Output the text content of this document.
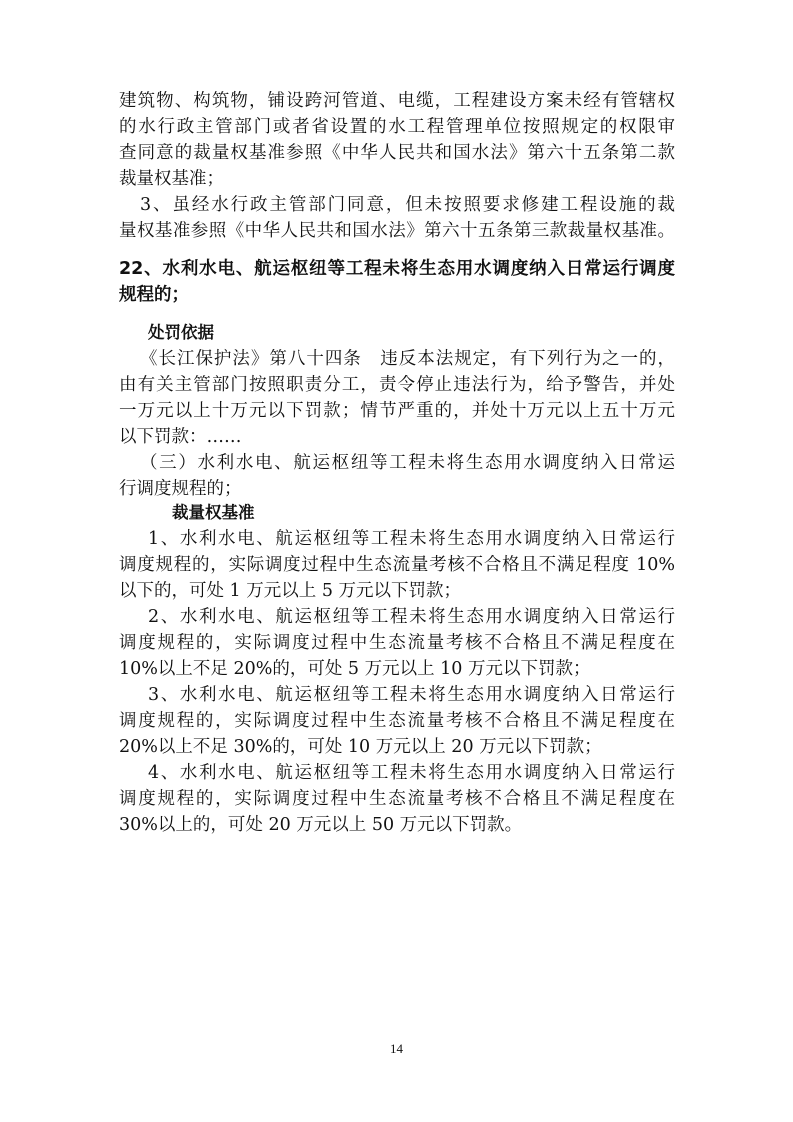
建筑物、构筑物，铺设跨河管道、电缆，工程建设方案未经有管辖权
的水行政主管部门或者省设置的水工程管理单位按照规定的权限审
查同意的裁量权基准参照《中华人民共和国水法》第六十五条第二款
裁量权基准；
3、虽经水行政主管部门同意，但未按照要求修建工程设施的裁
量权基准参照《中华人民共和国水法》第六十五条第三款裁量权基准。
22、水利水电、航运枢纽等工程未将生态用水调度纳入日常运行调度
规程的；
处罚依据
《长江保护法》第八十四条　违反本法规定，有下列行为之一的，
由有关主管部门按照职责分工，责令停止违法行为，给予警告，并处
一万元以上十万元以下罚款；情节严重的，并处十万元以上五十万元
以下罚款：……
（三）水利水电、航运枢纽等工程未将生态用水调度纳入日常运
行调度规程的；
裁量权基准
1、水利水电、航运枢纽等工程未将生态用水调度纳入日常运行
调度规程的，实际调度过程中生态流量考核不合格且不满足程度 10%
以下的，可处 1 万元以上 5 万元以下罚款；
2、水利水电、航运枢纽等工程未将生态用水调度纳入日常运行
调度规程的，实际调度过程中生态流量考核不合格且不满足程度在
10%以上不足 20%的，可处 5 万元以上 10 万元以下罚款；
3、水利水电、航运枢纽等工程未将生态用水调度纳入日常运行
调度规程的，实际调度过程中生态流量考核不合格且不满足程度在
20%以上不足 30%的，可处 10 万元以上 20 万元以下罚款；
4、水利水电、航运枢纽等工程未将生态用水调度纳入日常运行
调度规程的，实际调度过程中生态流量考核不合格且不满足程度在
30%以上的，可处 20 万元以上 50 万元以下罚款。
14
